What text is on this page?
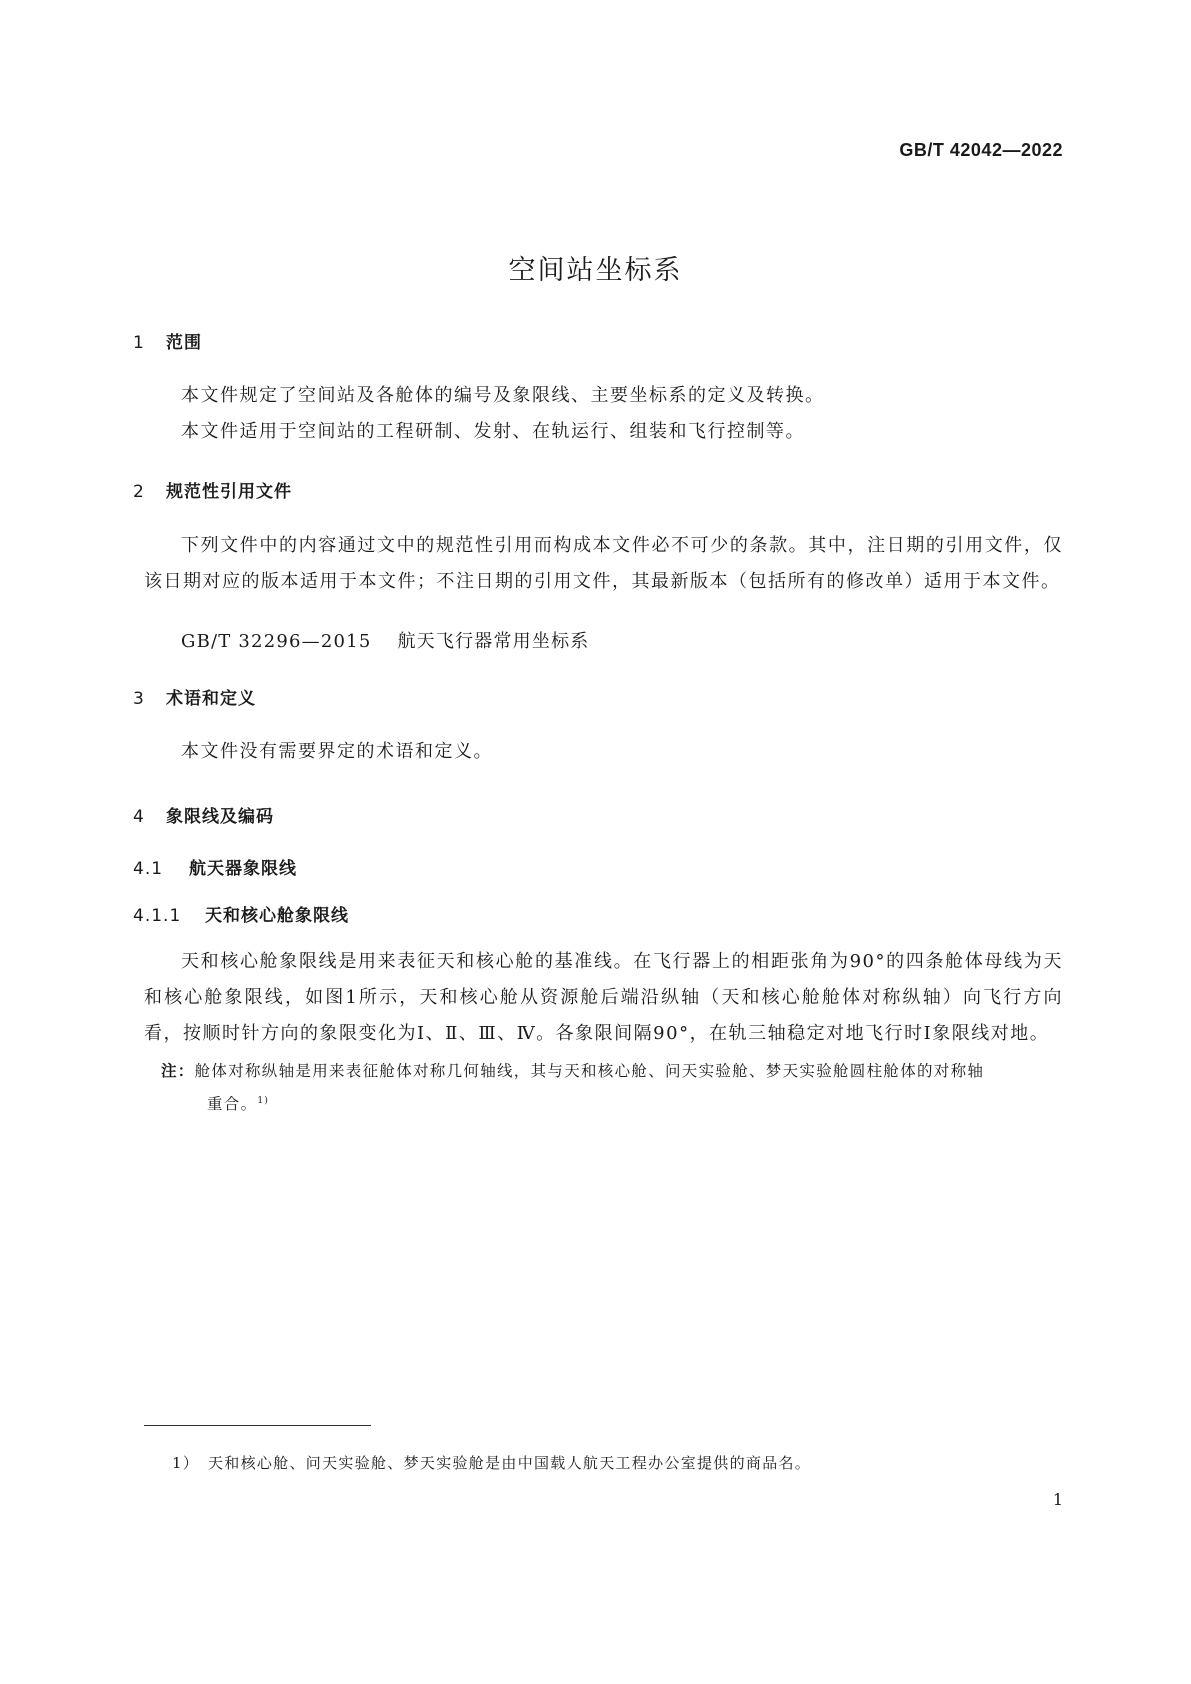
GB/T 42042—2022
空间站坐标系
1 范围
本文件规定了空间站及各舱体的编号及象限线、主要坐标系的定义及转换。
本文件适用于空间站的工程研制、发射、在轨运行、组装和飞行控制等。
2 规范性引用文件
下列文件中的内容通过文中的规范性引用而构成本文件必不可少的条款。其中，注日期的引用文件，仅该日期对应的版本适用于本文件；不注日期的引用文件，其最新版本（包括所有的修改单）适用于本文件。
GB/T 32296—2015 航天飞行器常用坐标系
3 术语和定义
本文件没有需要界定的术语和定义。
4 象限线及编码
4.1 航天器象限线
4.1.1 天和核心舱象限线
天和核心舱象限线是用来表征天和核心舱的基准线。在飞行器上的相距张角为90°的四条舱体母线为天和核心舱象限线，如图1所示，天和核心舱从资源舱后端沿纵轴（天和核心舱舱体对称纵轴）向飞行方向看，按顺时针方向的象限变化为Ⅰ、Ⅱ、Ⅲ、Ⅳ。各象限间隔90°，在轨三轴稳定对地飞行时Ⅰ象限线对地。
注：舱体对称纵轴是用来表征舱体对称几何轴线，其与天和核心舱、问天实验舱、梦天实验舱圆柱舱体的对称轴
重合。$^{1)}$
1） 天和核心舱、问天实验舱、梦天实验舱是由中国载人航天工程办公室提供的商品名。
1
